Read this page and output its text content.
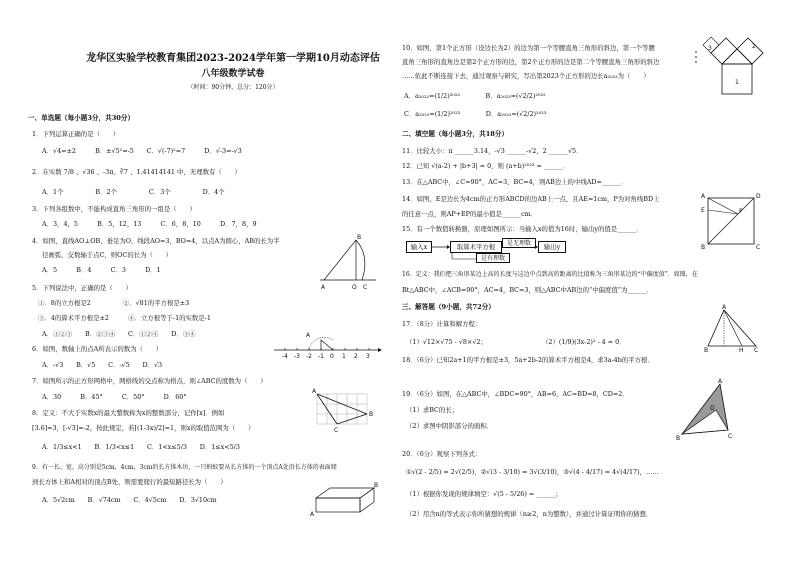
龙华区实验学校教育集团2023-2024学年第一学期10月动态评估
八年级数学试卷
（时间：90分钟，总分：120分）
一、单选题（每小题3分，共30分）
1．下列运算正确的是（　　）
A．√4=±2　　　B．±√5²=-5　　C．√(-7)²=7　　　D．√-3=-√3
2．在实数 7/8 、√36 、-3π、∛7 、1.41414141 中，无理数有（　　）
A．1个　　　　　B．2个　　　　　C．3个　　　　　D．4个
3．下列各组数中，不能构成直角三角形的一组是（　　）
A．3，4，5　　　B．5，12，13　　　C．6，8，10　　　D．7，8，9
4．如图，直线AO⊥OB，垂足为O，线段AO=3，BO=4，以点A为圆心，AB的长为半
径画弧，交数轴于点C，则OC的长为（　　）
A．5　　　B．4　　　C．3　　　D．1
5．下列说法中，正确的是（　　）
①．8的立方根是2　　　　　②．√81的平方根是±3
③．4的算术平方根是±2　　　④．立方根等于-1的实数是-1
A．①②③　　B．②③④　　C．①②④　　D．③④
6．如图，数轴上的点A所表示的数为（　　）
A．-√3　　B．√5　　C．-√5　　D．√3
7．如图所示的正方形网格中，网格线的交点称为格点，则∠ABC的度数为（　　）
A．30　　　B．45°　　　C．50°　　　D．60°
8．定义：不大于实数x的最大整数称为x的整数部分，记作[x]．例如
[3.6]=3，[-√3]=-2，按此规定，若[(1-3x)/2]=1，则x的取值范围为（　　）
A．1/3≤x<1　　B．1/3<x≤1　　C．1<x≤5/3　　D．1≤x<5/3
9．有一长、宽、高分别是5cm，4cm，3cm的长方体木块，一只蚂蚁要从长方体的一个顶点A处沿长方体的表面爬
到长方体上和A相对的顶点B处，则需要爬行的最短路径长为（　　）
A．5√2cm　　B．√74cm　　C．4√5cm　　D．3√10cm
B
A	O C
A
-4 -3 -2 -1 0 1 2 3
A
B
C
A
B
10．如图，第1个正方形（设边长为2）的边为第一个等腰直角三角形的斜边，第一个等腰
直角三角形的直角边是第2个正方形的边，第2个正方形的边是第二个等腰直角三角形的斜边
……依此不断连接下去，通过观察与研究，写出第2023个正方形的边长a₂₀₂₃为（　　）
A．a₂₀₂₃=(1/2)²⁰²²　　　　B．a₂₀₂₃=(√2/2)²⁰²²
C．a₂₀₂₃=(1/2)²⁰²³　　　　D．a₂₀₂₃=(√2/2)²⁰²³
二、填空题（每小题3分，共18分）
11．比较大小：π ______3.14，-√3 ______-√2，2 ______√5．
12．已知 √(a-2) + |b+3| = 0，则 (a+b)²⁰²³ = ______．
13．在△ABC中，∠C=90°，AC=3，BC=4，则AB边上的中线AD=______．
14．如图，E是边长为4cm的正方形ABCD的边AB上一点，且AE=1cm，P为对角线BD上
的任意一点，则AP+EP的最小值是______cm．
15．有一个数值转换器，原理如图所示：当输入x的值为16时，输出y的值是______．
16．定义：我们把三角形某边上高的长度与这边中点到高的距离的比值称为三角形某边的“中偏度值”．如图，在
Rt△ABC中，∠ACB=90°，AC=4，BC=3，则△ABC中AB边的“中偏度值”为______．
三、解答题（9小题，共72分）
17．（8分）计算和解方程：
（1）√12×√75 - √8×√2；	（2）(1/9)(3x-2)² - 4 = 0．
18．（6分）已知2a+1的平方根是±3，5a+2b-2的算术平方根是4，求3a-4b的平方根．
19．（6分）如图，在△ABC中，∠BDC=90°，AB=6，AC=BD=8，CD=2．
（1）求BC的长；
（2）求图中阴影部分的面积．
20．（6分）观察下列各式：
①√(2 - 2/5) = 2√(2/5)，②√(3 - 3/10) = 3√(3/10)，③√(4 - 4/17) = 4√(4/17)，……
（1）根据你发现的规律填空：√(5 - 5/26) = ______；
（2）用含n的等式表示你所猜想的规律（n≥2，n为整数），并通过计算证明你的猜想．
1
2
3
A
B	C
D
E	P
输入x	取算术平方根	是无理数	输出y
是有理数
A
B	C
H
A
B	C
D
